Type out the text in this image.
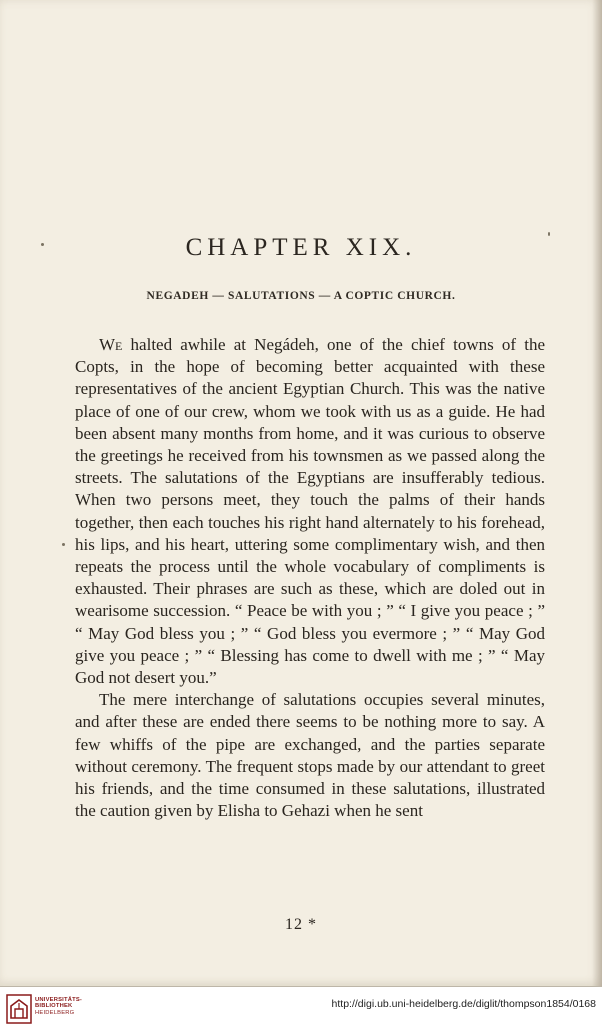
CHAPTER XIX.
NEGADEH — SALUTATIONS — A COPTIC CHURCH.

We halted awhile at Negádeh, one of the chief towns of the Copts, in the hope of becoming better acquainted with these representatives of the ancient Egyptian Church. This was the native place of one of our crew, whom we took with us as a guide. He had been absent many months from home, and it was curious to observe the greetings he received from his townsmen as we passed along the streets. The salutations of the Egyptians are insufferably tedious. When two persons meet, they touch the palms of their hands together, then each touches his right hand alternately to his forehead, his lips, and his heart, uttering some complimentary wish, and then repeats the process until the whole vocabulary of compliments is exhausted. Their phrases are such as these, which are doled out in wearisome succession. “ Peace be with you ; ” “ I give you peace ; ” “ May God bless you ; ” “ God bless you evermore ; ” “ May God give you peace ; ” “ Blessing has come to dwell with me ; ” “ May God not desert you.”

The mere interchange of salutations occupies several minutes, and after these are ended there seems to be nothing more to say. A few whiffs of the pipe are exchanged, and the parties separate without ceremony. The frequent stops made by our attendant to greet his friends, and the time consumed in these salutations, illustrated the caution given by Elisha to Gehazi when he sent

12 *
UNIVERSITÄTS-
BIBLIOTHEK
HEIDELBERG
http://digi.ub.uni-heidelberg.de/diglit/thompson1854/0168
